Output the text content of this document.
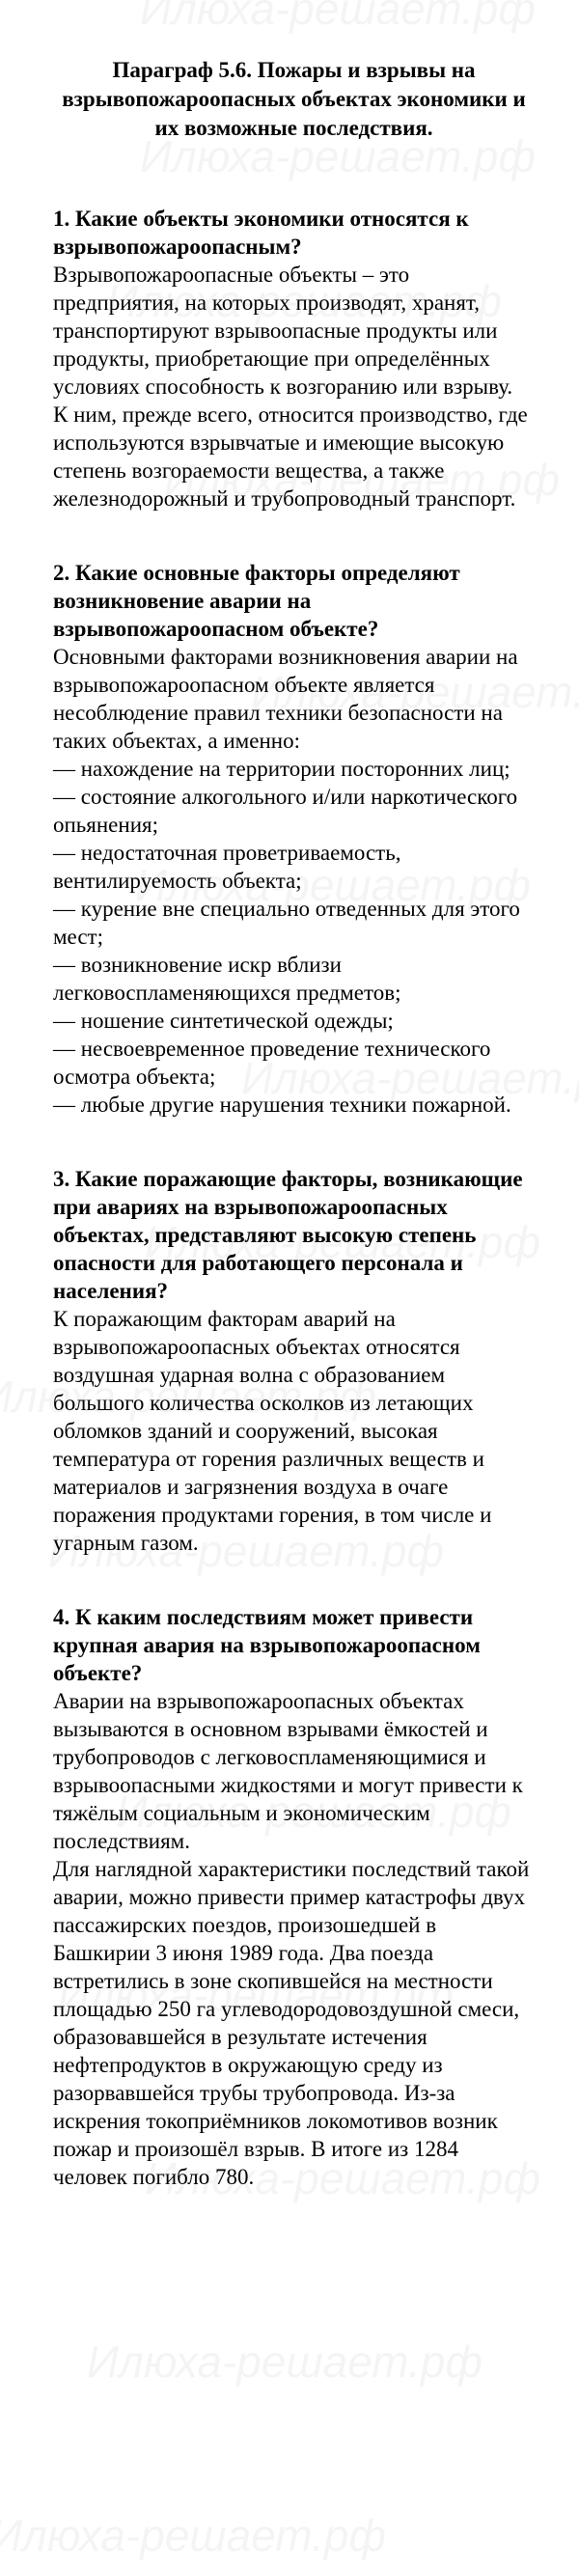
Параграф 5.6. Пожары и взрывы на взрывопожароопасных объектах экономики и их возможные последствия.

1. Какие объекты экономики относятся к взрывопожароопасным?

Взрывопожароопасные объекты – это предприятия, на которых производят, хранят, транспортируют взрывоопасные продукты или продукты, приобретающие при определённых условиях способность к возгоранию или взрыву.

К ним, прежде всего, относится производство, где используются взрывчатые и имеющие высокую степень возгораемости вещества, а также железнодорожный и трубопроводный транспорт.

2. Какие основные факторы определяют возникновение аварии на взрывопожароопасном объекте?

Основными факторами возникновения аварии на взрывопожароопасном объекте является несоблюдение правил техники безопасности на таких объектах, а именно:

— нахождение на территории посторонних лиц;

— состояние алкогольного и/или наркотического опьянения;

— недостаточная проветриваемость, вентилируемость объекта;

— курение вне специально отведенных для этого мест;

— возникновение искр вблизи легковоспламеняющихся предметов;

— ношение синтетической одежды;

— несвоевременное проведение технического осмотра объекта;

— любые другие нарушения техники пожарной.

3. Какие поражающие факторы, возникающие при авариях на взрывопожароопасных объектах, представляют высокую степень опасности для работающего персонала и населения?

К поражающим факторам аварий на взрывопожароопасных объектах относятся воздушная ударная волна с образованием большого количества осколков из летающих обломков зданий и сооружений, высокая температура от горения различных веществ и материалов и загрязнения воздуха в очаге поражения продуктами горения, в том числе и угарным газом.

4. К каким последствиям может привести крупная авария на взрывопожароопасном объекте?

Аварии на взрывопожароопасных объектах вызываются в основном взрывами ёмкостей и трубопроводов с легковоспламеняющимися и взрывоопасными жидкостями и могут привести к тяжёлым социальным и экономическим последствиям.

Для наглядной характеристики последствий такой аварии, можно привести пример катастрофы двух пассажирских поездов, произошедшей в Башкирии 3 июня 1989 года. Два поезда встретились в зоне скопившейся на местности площадью 250 га углеводородовоздушной смеси, образовавшейся в результате истечения нефтепродуктов в окружающую среду из разорвавшейся трубы трубопровода. Из-за искрения токоприёмников локомотивов возник пожар и произошёл взрыв. В итоге из 1284 человек погибло 780.
